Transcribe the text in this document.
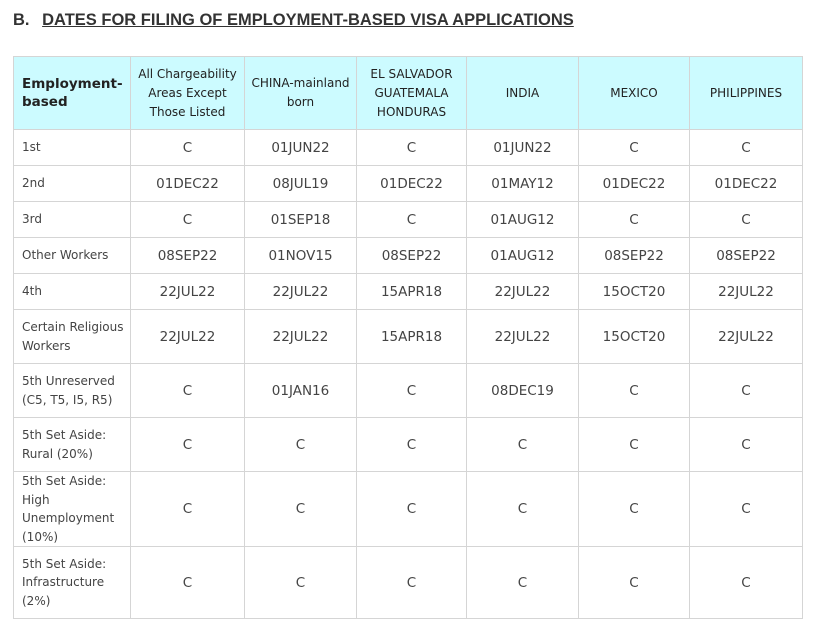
B. DATES FOR FILING OF EMPLOYMENT-BASED VISA APPLICATIONS
Employment-based	All Chargeability Areas Except Those Listed	CHINA-mainland born	EL SALVADOR GUATEMALA HONDURAS	INDIA	MEXICO	PHILIPPINES
1st	C	01JUN22	C	01JUN22	C	C
2nd	01DEC22	08JUL19	01DEC22	01MAY12	01DEC22	01DEC22
3rd	C	01SEP18	C	01AUG12	C	C
Other Workers	08SEP22	01NOV15	08SEP22	01AUG12	08SEP22	08SEP22
4th	22JUL22	22JUL22	15APR18	22JUL22	15OCT20	22JUL22
Certain Religious Workers	22JUL22	22JUL22	15APR18	22JUL22	15OCT20	22JUL22
5th Unreserved (C5, T5, I5, R5)	C	01JAN16	C	08DEC19	C	C
5th Set Aside: Rural (20%)	C	C	C	C	C	C
5th Set Aside: High Unemployment (10%)	C	C	C	C	C	C
5th Set Aside: Infrastructure (2%)	C	C	C	C	C	C
